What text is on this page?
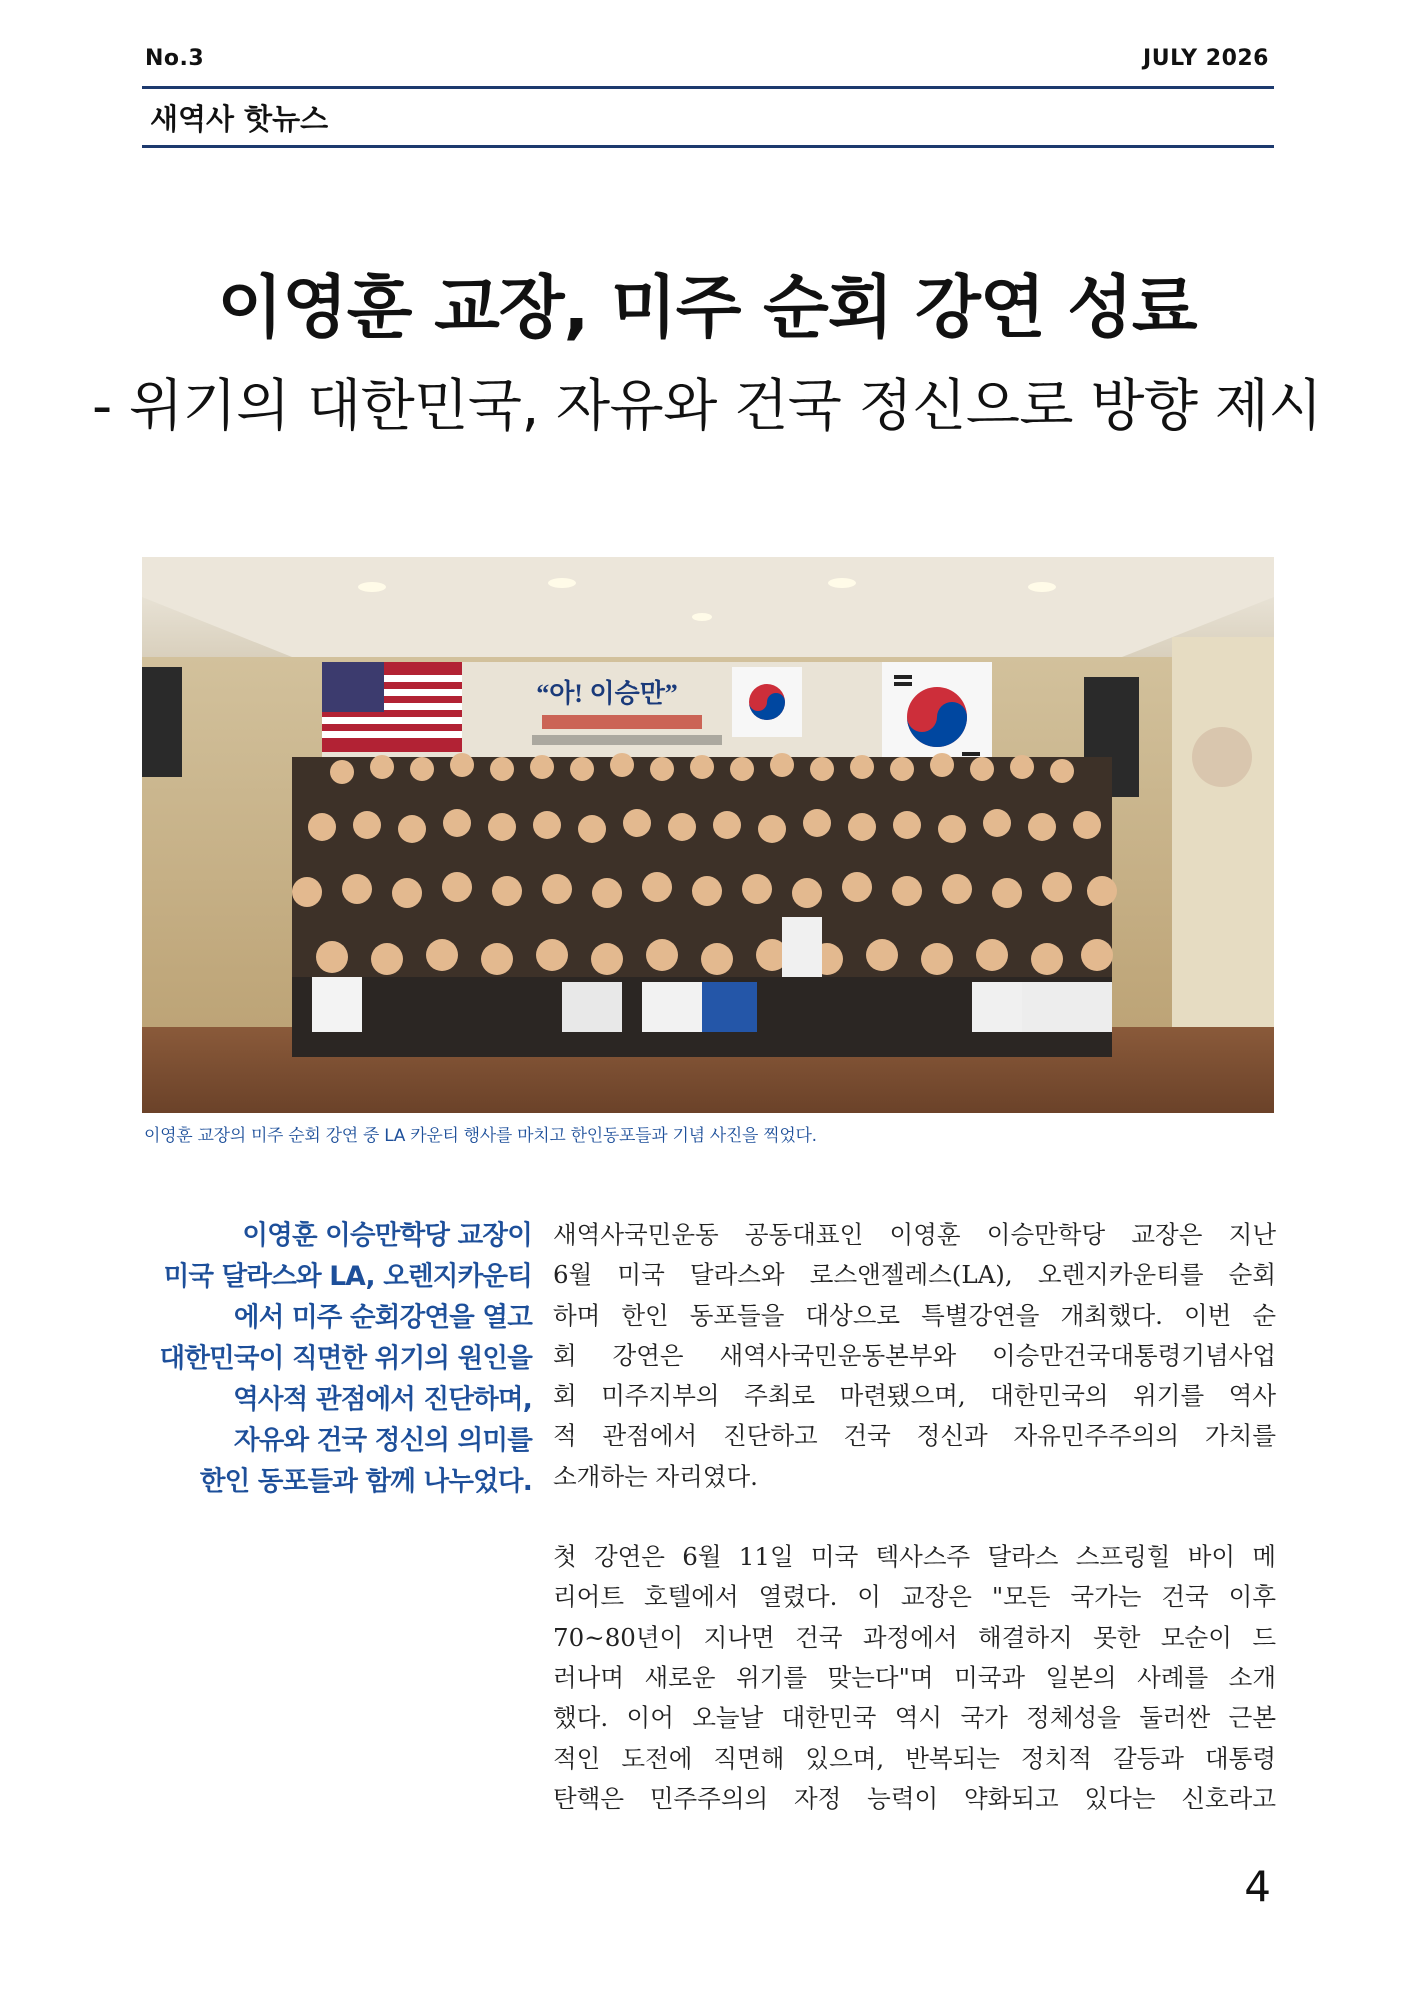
No.3	JULY 2026
새역사 핫뉴스
이영훈 교장, 미주 순회 강연 성료
- 위기의 대한민국, 자유와 건국 정신으로 방향 제시
“아! 이승만”
이영훈 교장의 미주 순회 강연 중 LA 카운티 행사를 마치고 한인동포들과 기념 사진을 찍었다.
이영훈 이승만학당 교장이
미국 달라스와 LA, 오렌지카운티
에서 미주 순회강연을 열고
대한민국이 직면한 위기의 원인을
역사적 관점에서 진단하며,
자유와 건국 정신의 의미를
한인 동포들과 함께 나누었다.

새역사국민운동 공동대표인 이영훈 이승만학당 교장은 지난
6월 미국 달라스와 로스앤젤레스(LA), 오렌지카운티를 순회
하며 한인 동포들을 대상으로 특별강연을 개최했다. 이번 순
회 강연은 새역사국민운동본부와 이승만건국대통령기념사업
회 미주지부의 주최로 마련됐으며, 대한민국의 위기를 역사
적 관점에서 진단하고 건국 정신과 자유민주주의의 가치를
소개하는 자리였다.

첫 강연은 6월 11일 미국 텍사스주 달라스 스프링힐 바이 메
리어트 호텔에서 열렸다. 이 교장은 "모든 국가는 건국 이후
70~80년이 지나면 건국 과정에서 해결하지 못한 모순이 드
러나며 새로운 위기를 맞는다"며 미국과 일본의 사례를 소개
했다. 이어 오늘날 대한민국 역시 국가 정체성을 둘러싼 근본
적인 도전에 직면해 있으며, 반복되는 정치적 갈등과 대통령
탄핵은 민주주의의 자정 능력이 약화되고 있다는 신호라고

4
